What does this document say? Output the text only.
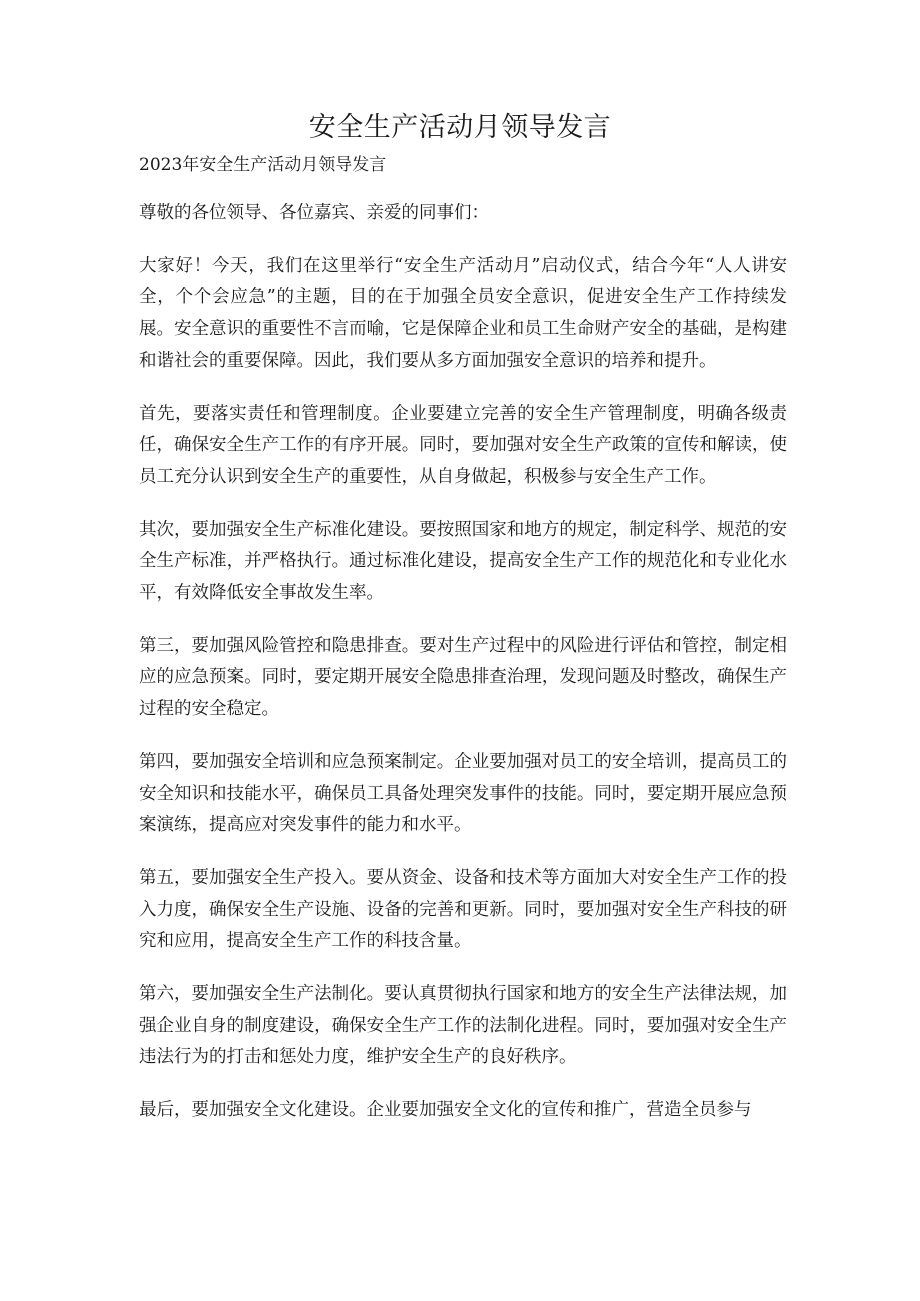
安全生产活动月领导发言

2023年安全生产活动月领导发言

尊敬的各位领导、各位嘉宾、亲爱的同事们：

大家好！今天，我们在这里举行“安全生产活动月”启动仪式，结合今年“人人讲安全，个个会应急”的主题，目的在于加强全员安全意识，促进安全生产工作持续发展。安全意识的重要性不言而喻，它是保障企业和员工生命财产安全的基础，是构建和谐社会的重要保障。因此，我们要从多方面加强安全意识的培养和提升。

首先，要落实责任和管理制度。企业要建立完善的安全生产管理制度，明确各级责任，确保安全生产工作的有序开展。同时，要加强对安全生产政策的宣传和解读，使员工充分认识到安全生产的重要性，从自身做起，积极参与安全生产工作。

其次，要加强安全生产标准化建设。要按照国家和地方的规定，制定科学、规范的安全生产标准，并严格执行。通过标准化建设，提高安全生产工作的规范化和专业化水平，有效降低安全事故发生率。

第三，要加强风险管控和隐患排查。要对生产过程中的风险进行评估和管控，制定相应的应急预案。同时，要定期开展安全隐患排查治理，发现问题及时整改，确保生产过程的安全稳定。

第四，要加强安全培训和应急预案制定。企业要加强对员工的安全培训，提高员工的安全知识和技能水平，确保员工具备处理突发事件的技能。同时，要定期开展应急预案演练，提高应对突发事件的能力和水平。

第五，要加强安全生产投入。要从资金、设备和技术等方面加大对安全生产工作的投入力度，确保安全生产设施、设备的完善和更新。同时，要加强对安全生产科技的研究和应用，提高安全生产工作的科技含量。

第六，要加强安全生产法制化。要认真贯彻执行国家和地方的安全生产法律法规，加强企业自身的制度建设，确保安全生产工作的法制化进程。同时，要加强对安全生产违法行为的打击和惩处力度，维护安全生产的良好秩序。

最后，要加强安全文化建设。企业要加强安全文化的宣传和推广，营造全员参与
